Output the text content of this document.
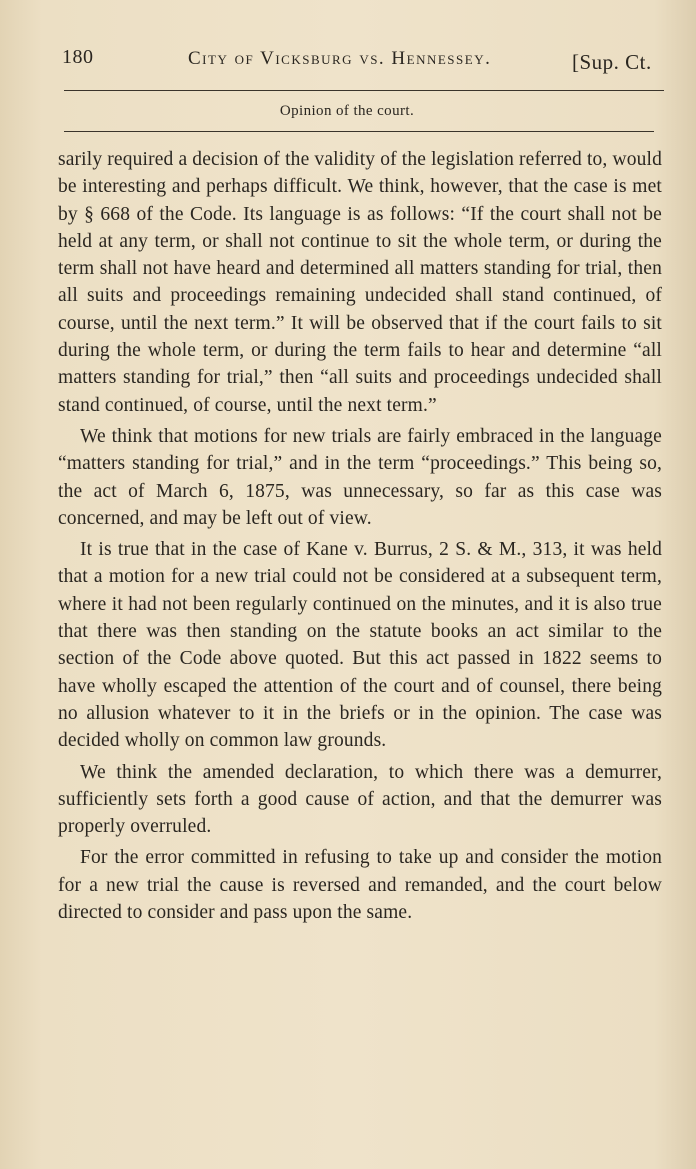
180	City of Vicksburg vs. Hennessey.	[Sup. Ct.
Opinion of the court.

sarily required a decision of the validity of the legislation referred to, would be interesting and perhaps difficult. We think, however, that the case is met by § 668 of the Code. Its language is as follows: “If the court shall not be held at any term, or shall not continue to sit the whole term, or during the term shall not have heard and determined all matters standing for trial, then all suits and proceedings remaining undecided shall stand continued, of course, until the next term.” It will be observed that if the court fails to sit during the whole term, or during the term fails to hear and determine “all matters standing for trial,” then “all suits and proceedings undecided shall stand continued, of course, until the next term.”

We think that motions for new trials are fairly embraced in the language “matters standing for trial,” and in the term “proceedings.” This being so, the act of March 6, 1875, was unnecessary, so far as this case was concerned, and may be left out of view.

It is true that in the case of Kane v. Burrus, 2 S. & M., 313, it was held that a motion for a new trial could not be considered at a subsequent term, where it had not been regularly continued on the minutes, and it is also true that there was then standing on the statute books an act similar to the section of the Code above quoted. But this act passed in 1822 seems to have wholly escaped the attention of the court and of counsel, there being no allusion whatever to it in the briefs or in the opinion. The case was decided wholly on common law grounds.

We think the amended declaration, to which there was a demurrer, sufficiently sets forth a good cause of action, and that the demurrer was properly overruled.

For the error committed in refusing to take up and consider the motion for a new trial the cause is reversed and remanded, and the court below directed to consider and pass upon the same.
